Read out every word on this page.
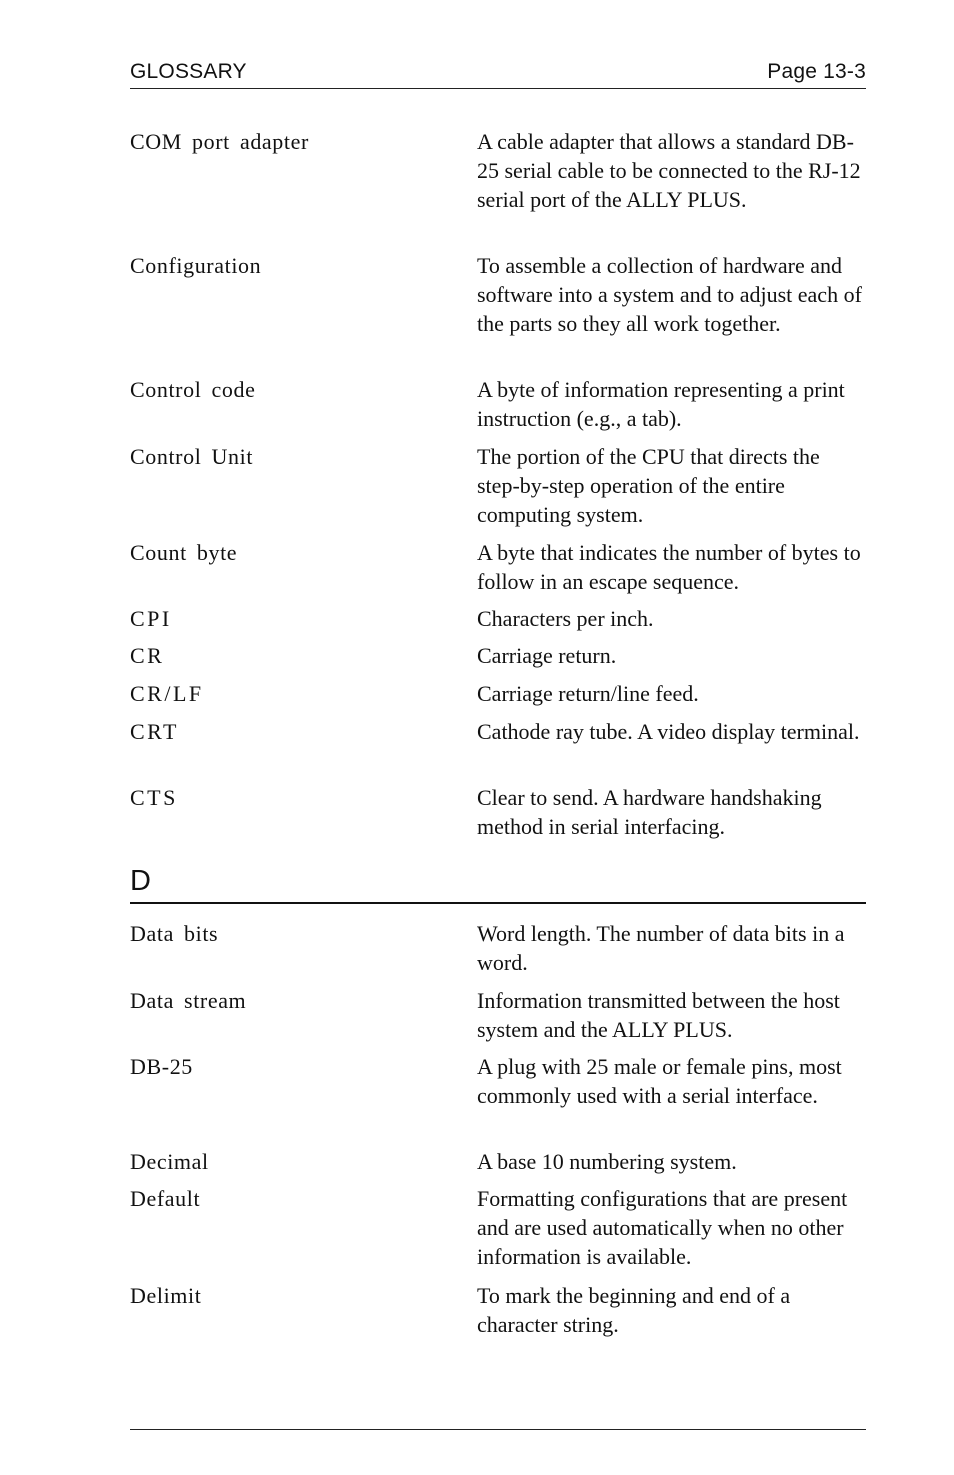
GLOSSARY	Page 13-3
COM port adapter	A cable adapter that allows a standard DB-25 serial cable to be connected to the RJ-12 serial port of the ALLY PLUS.
Configuration	To assemble a collection of hardware and software into a system and to adjust each of the parts so they all work together.
Control code	A byte of information representing a print instruction (e.g., a tab).
Control Unit	The portion of the CPU that directs the step-by-step operation of the entire computing system.
Count byte	A byte that indicates the number of bytes to follow in an escape sequence.
CPI	Characters per inch.
CR	Carriage return.
CR/LF	Carriage return/line feed.
CRT	Cathode ray tube. A video display terminal.
CTS	Clear to send. A hardware handshaking method in serial interfacing.
D
Data bits	Word length. The number of data bits in a word.
Data stream	Information transmitted between the host system and the ALLY PLUS.
DB-25	A plug with 25 male or female pins, most commonly used with a serial interface.
Decimal	A base 10 numbering system.
Default	Formatting configurations that are present and are used automatically when no other information is available.
Delimit	To mark the beginning and end of a character string.
